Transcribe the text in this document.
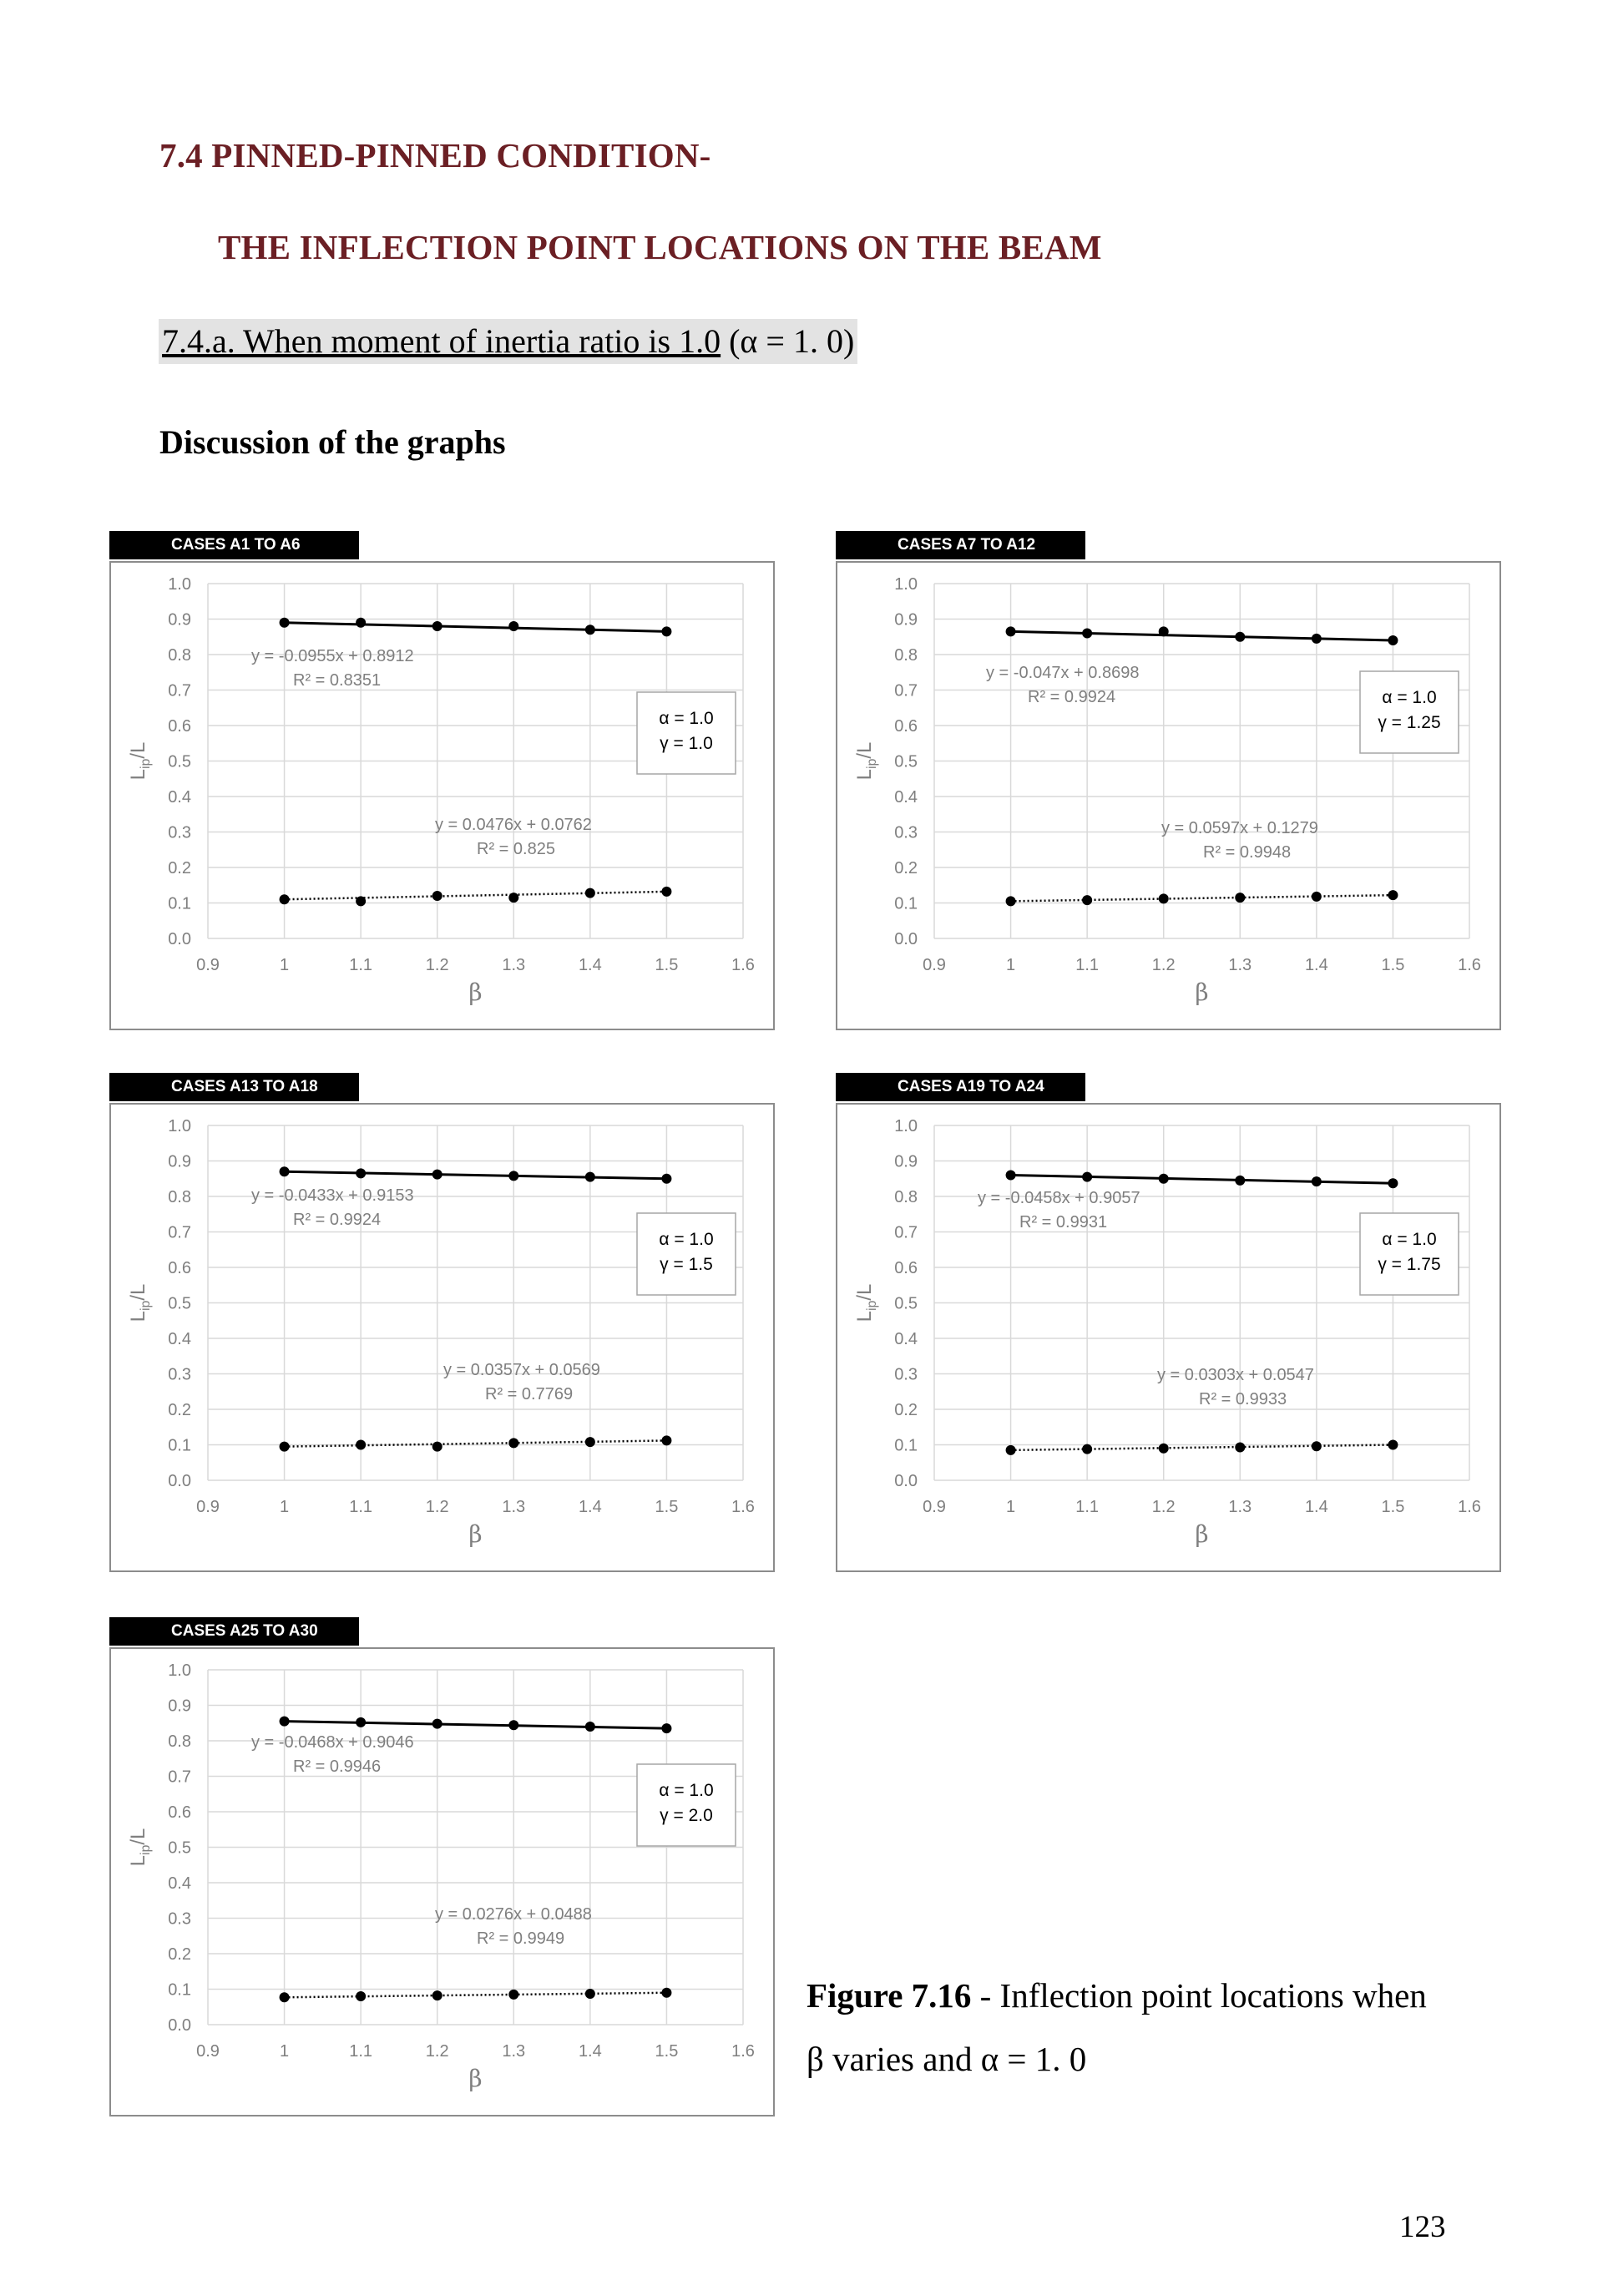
7.4 PINNED-PINNED CONDITION-
THE INFLECTION POINT LOCATIONS ON THE BEAM
7.4.a. When moment of inertia ratio is 1.0 (α = 1. 0)
Discussion of the graphs
0.0
0.1
0.2
0.3
0.4
0.5
0.6
0.7
0.8
0.9
1.0
0.9	1	1.1	1.2	1.3	1.4	1.5	1.6
β
$L_{ip}/L$
y = -0.0955x + 0.8912
R² = 0.8351
y = 0.0476x + 0.0762
R² = 0.825
α = 1.0
γ = 1.0
CASES A1 TO A6
0.0
0.1
0.2
0.3
0.4
0.5
0.6
0.7
0.8
0.9
1.0
0.9	1	1.1	1.2	1.3	1.4	1.5	1.6
β
$L_{ip}/L$
y = -0.047x + 0.8698
R² = 0.9924
y = 0.0597x + 0.1279
R² = 0.9948
α = 1.0
γ = 1.25
CASES A7 TO A12
0.0
0.1
0.2
0.3
0.4
0.5
0.6
0.7
0.8
0.9
1.0
0.9	1	1.1	1.2	1.3	1.4	1.5	1.6
β
$L_{ip}/L$
y = -0.0433x + 0.9153
R² = 0.9924
y = 0.0357x + 0.0569
R² = 0.7769
α = 1.0
γ = 1.5
CASES A13 TO A18
0.0
0.1
0.2
0.3
0.4
0.5
0.6
0.7
0.8
0.9
1.0
0.9	1	1.1	1.2	1.3	1.4	1.5	1.6
β
$L_{ip}/L$
y = -0.0458x + 0.9057
R² = 0.9931
y = 0.0303x + 0.0547
R² = 0.9933
α = 1.0
γ = 1.75
CASES A19 TO A24
0.0
0.1
0.2
0.3
0.4
0.5
0.6
0.7
0.8
0.9
1.0
0.9	1	1.1	1.2	1.3	1.4	1.5	1.6
β
$L_{ip}/L$
y = -0.0468x + 0.9046
R² = 0.9946
y = 0.0276x + 0.0488
R² = 0.9949
α = 1.0
γ = 2.0
CASES A25 TO A30
Figure 7.16 - Inflection point locations when β varies and α = 1. 0
123
